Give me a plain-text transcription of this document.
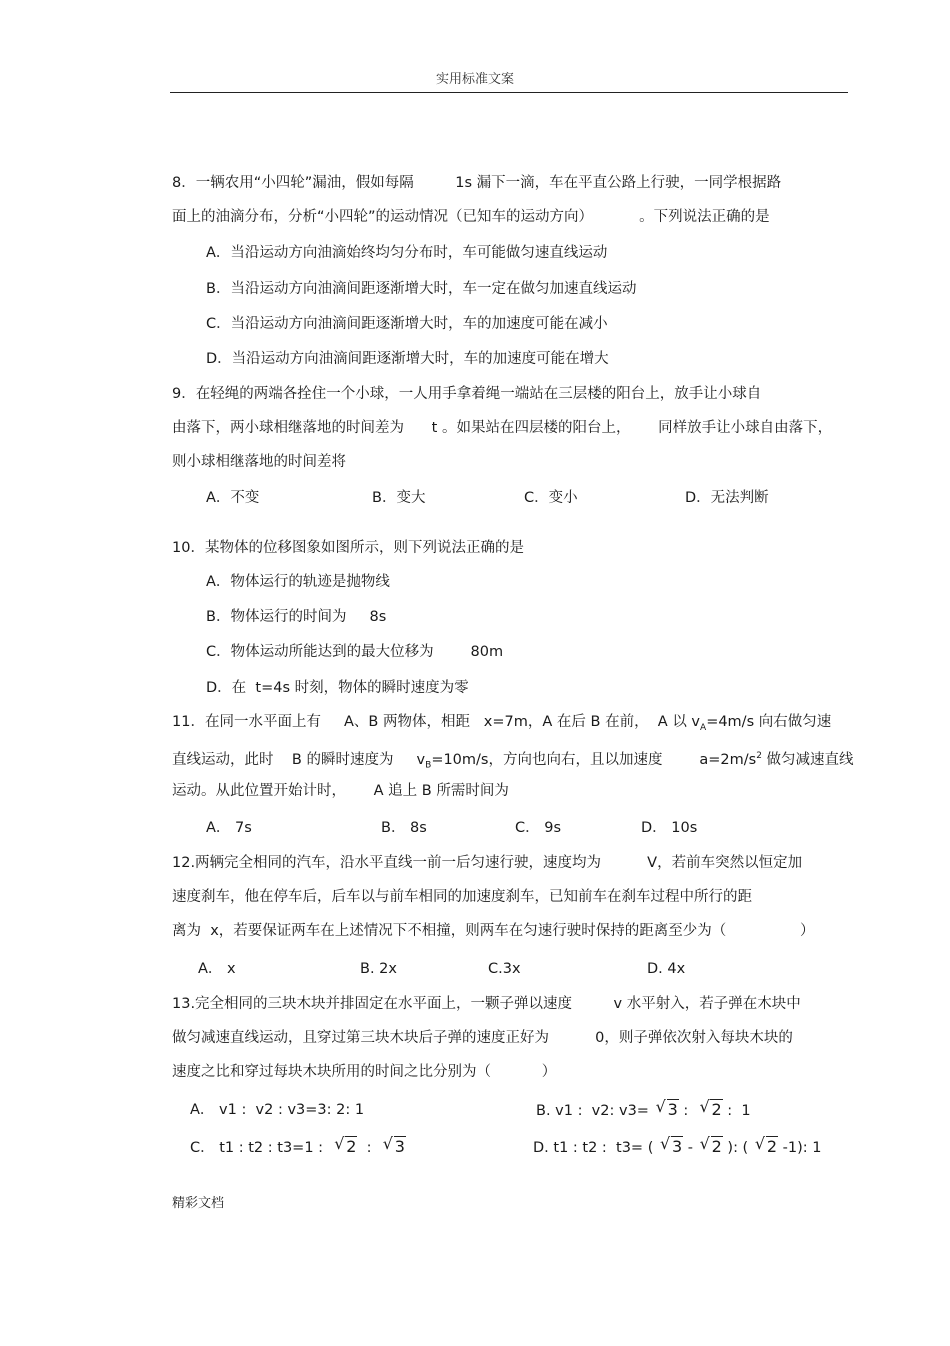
实用标准文案
8．一辆农用“小四轮”漏油，假如每隔         1s 漏下一滴，车在平直公路上行驶，一同学根据路
面上的油滴分布，分析“小四轮”的运动情况（已知车的运动方向）          。下列说法正确的是
A．当沿运动方向油滴始终均匀分布时，车可能做匀速直线运动
B．当沿运动方向油滴间距逐渐增大时，车一定在做匀加速直线运动
C．当沿运动方向油滴间距逐渐增大时，车的加速度可能在减小
D．当沿运动方向油滴间距逐渐增大时，车的加速度可能在增大
9．在轻绳的两端各拴住一个小球，一人用手拿着绳一端站在三层楼的阳台上，放手让小球自
由落下，两小球相继落地的时间差为      t 。如果站在四层楼的阳台上，      同样放手让小球自由落下，
则小球相继落地的时间差将
A．不变	B．变大	C．变小	D．无法判断
10．某物体的位移图象如图所示，则下列说法正确的是
A．物体运行的轨迹是抛物线
B．物体运行的时间为     8s
C．物体运动所能达到的最大位移为        80m
D．在  t=4s 时刻，物体的瞬时速度为零
11．在同一水平面上有     A、B 两物体，相距   x=7m，A 在后 B 在前，  A 以 $v_A=4m/s$ 向右做匀速
直线运动，此时    B 的瞬时速度为     $v_B=10m/s$，方向也向右，且以加速度        $a=2m/s^2$ 做匀减速直线
运动。从此位置开始计时，      A 追上 B 所需时间为
A． 7s	B． 8s	C． 9s	D． 10s
12.两辆完全相同的汽车，沿水平直线一前一后匀速行驶，速度均为          V，若前车突然以恒定加
速度刹车，他在停车后，后车以与前车相同的加速度刹车，已知前车在刹车过程中所行的距
离为  x，若要保证两车在上述情况下不相撞，则两车在匀速行驶时保持的距离至少为（                ）
A． x	B. 2x	C.3x	D. 4x
13.完全相同的三块木块并排固定在水平面上，一颗子弹以速度         v 水平射入，若子弹在木块中
做匀减速直线运动，且穿过第三块木块后子弹的速度正好为          0，则子弹依次射入每块木块的
速度之比和穿过每块木块所用的时间之比分别为（           ）
A． v1 :  v2 : v3=3: 2: 1	B. v1 :  v2: v3= √ 3 :  √ 2 :  1
C． t1 : t2 : t3=1 :  √ 2  :  √ 3	D. t1 : t2 :  t3= ( √ 3 - √ 2 ): ( √ 2 -1): 1
精彩文档
